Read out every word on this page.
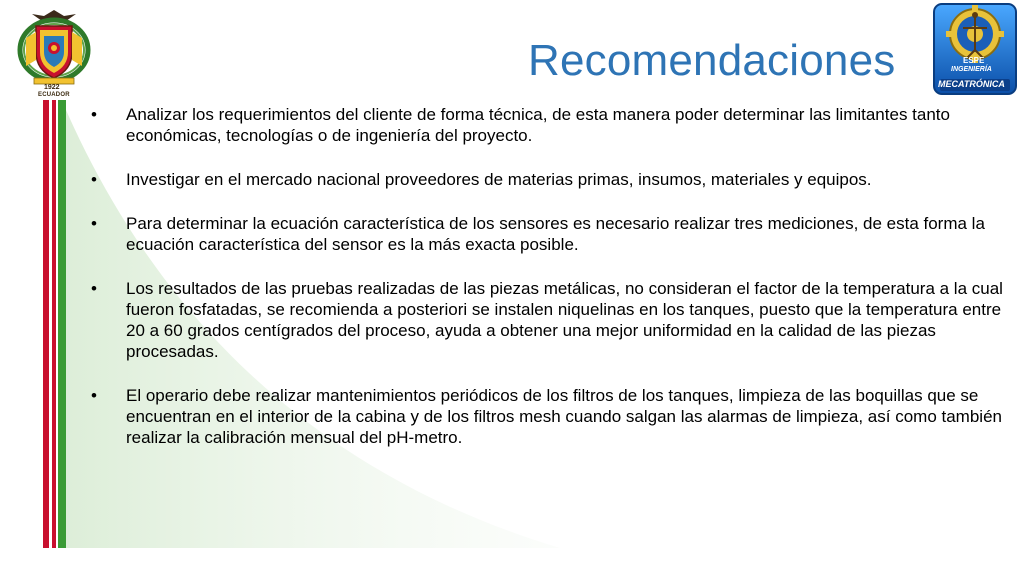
1922
ECUADOR
ESPE
INGENIERÍA
MECATRÓNICA
Recomendaciones
• Analizar los requerimientos del cliente de forma técnica, de esta manera poder determinar las limitantes tanto económicas, tecnologías o de ingeniería del proyecto.
• Investigar en el mercado nacional proveedores de materias primas, insumos, materiales y equipos.
• Para determinar la ecuación característica de los sensores es necesario realizar tres mediciones, de esta forma la ecuación característica del sensor es la más exacta posible.
• Los resultados de las pruebas realizadas de las piezas metálicas, no consideran el factor de la temperatura a la cual fueron fosfatadas, se recomienda a posteriori se instalen niquelinas en los tanques, puesto que la temperatura entre 20 a 60 grados centígrados del proceso, ayuda a obtener una mejor uniformidad en la calidad de las piezas procesadas.
• El operario debe realizar mantenimientos periódicos de los filtros de los tanques, limpieza de las boquillas que se encuentran en el interior de la cabina y de los filtros mesh cuando salgan las alarmas de limpieza, así como también realizar la calibración mensual del pH-metro.
